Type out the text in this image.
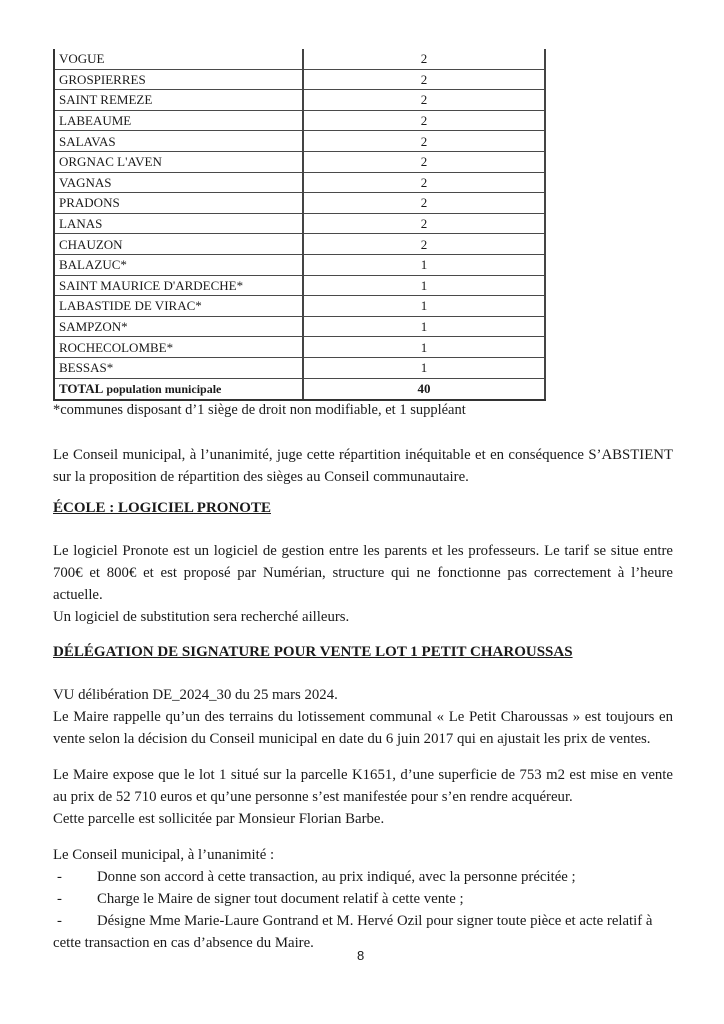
VOGUE	2
GROSPIERRES	2
SAINT REMEZE	2
LABEAUME	2
SALAVAS	2
ORGNAC L'AVEN	2
VAGNAS	2
PRADONS	2
LANAS	2
CHAUZON	2
BALAZUC*	1
SAINT MAURICE D'ARDECHE*	1
LABASTIDE DE VIRAC*	1
SAMPZON*	1
ROCHECOLOMBE*	1
BESSAS*	1
TOTAL population municipale	40
*communes disposant d’1 siège de droit non modifiable, et 1 suppléant
Le Conseil municipal, à l’unanimité, juge cette répartition inéquitable et en conséquence S’ABSTIENT
sur la proposition de répartition des sièges au Conseil communautaire.
ÉCOLE : LOGICIEL PRONOTE
Le logiciel Pronote est un logiciel de gestion entre les parents et les professeurs. Le tarif se situe entre
700€ et 800€ et est proposé par Numérian, structure qui ne fonctionne pas correctement à l’heure
actuelle.
Un logiciel de substitution sera recherché ailleurs.
DÉLÉGATION DE SIGNATURE POUR VENTE LOT 1 PETIT CHAROUSSAS
VU délibération DE_2024_30 du 25 mars 2024.
Le Maire rappelle qu’un des terrains du lotissement communal « Le Petit Charoussas » est toujours en
vente selon la décision du Conseil municipal en date du 6 juin 2017 qui en ajustait les prix de ventes.
Le Maire expose que le lot 1 situé sur la parcelle K1651, d’une superficie de 753 m2 est mise en vente
au prix de 52 710 euros et qu’une personne s’est manifestée pour s’en rendre acquéreur.
Cette parcelle est sollicitée par Monsieur Florian Barbe.
Le Conseil municipal, à l’unanimité :
-	Donne son accord à cette transaction, au prix indiqué, avec la personne précitée ;
-	Charge le Maire de signer tout document relatif à cette vente ;
-	Désigne Mme Marie-Laure Gontrand et M. Hervé Ozil pour signer toute pièce et acte relatif à
cette transaction en cas d’absence du Maire.
8
